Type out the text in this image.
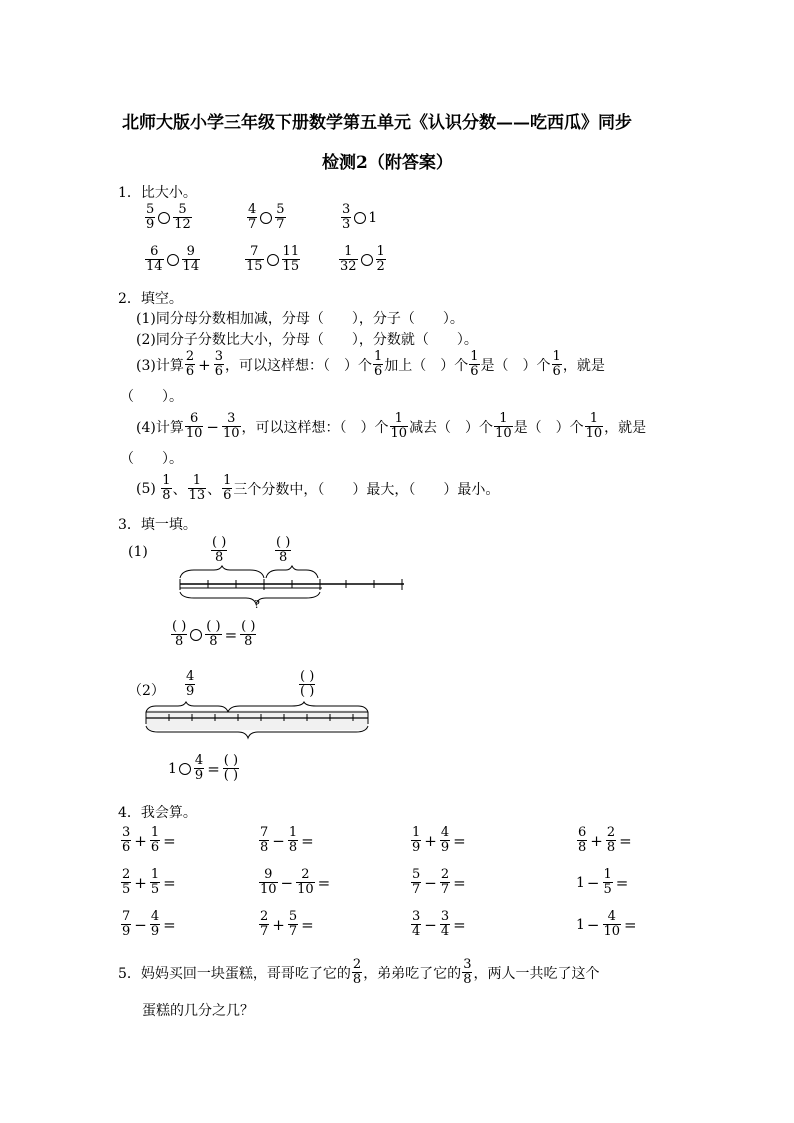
北师大版小学三年级下册数学第五单元《认识分数——吃西瓜》同步
检测2（附答案）
1．比大小。
$\frac{5}{9} \frac{5}{12}$	$\frac{4}{7} \frac{5}{7}$	$\frac{3}{3} 1$
$\frac{6}{14} \frac{9}{14}$	$\frac{7}{15} \frac{11}{15}$	$\frac{1}{32} \frac{1}{2}$
2．填空。
(1)同分母分数相加减，分母（　　），分子（　　）。
(2)同分子分数比大小，分母（　　），分数就（　　）。
(3)计算 $\frac{2}{6} + \frac{3}{6}$ ，可以这样想：（　）个 $\frac{1}{6}$ 加上（　）个 $\frac{1}{6}$ 是（　）个 $\frac{1}{6}$ ，就是
（　　）。
(4)计算 $\frac{6}{10} - \frac{3}{10}$ ，可以这样想：（　）个 $\frac{1}{10}$ 减去（　）个 $\frac{1}{10}$ 是（　）个 $\frac{1}{10}$ ，就是
（　　）。
(5)
$\frac{1}{8}$ 、 $\frac{1}{13}$ 、 $\frac{1}{6}$ 三个分数中，（　　）最大，（　　）最小。
3．填一填。
(1)	$\frac{( )}{8}$	$\frac{( )}{8}$
?
$\frac{( )}{8} \frac{( )}{8} = \frac{( )}{8}$
$(2) \frac{4}{9}$	$\frac{( )}{( )}$
$1 \frac{4}{9} = \frac{( )}{( )}$
4．我会算。
$\frac{3}{6} + \frac{1}{6}$ =	$\frac{7}{8} - \frac{1}{8}$ =	$\frac{1}{9} + \frac{4}{9}$ =	$\frac{6}{8} + \frac{2}{8}$ =
$\frac{2}{5} + \frac{1}{5}$ =	$\frac{9}{10} - \frac{2}{10}$ =	$\frac{5}{7} - \frac{2}{7}$ =	$1 - \frac{1}{5}$ =
$\frac{7}{9} - \frac{4}{9}$ =	$\frac{2}{7} + \frac{5}{7}$ =	$\frac{3}{4} - \frac{3}{4}$ =	$1 - \frac{4}{10}$ =
5．妈妈买回一块蛋糕，哥哥吃了它的 $\frac{2}{8}$ ，弟弟吃了它的 $\frac{3}{8}$ ，两人一共吃了这个
蛋糕的几分之几？
